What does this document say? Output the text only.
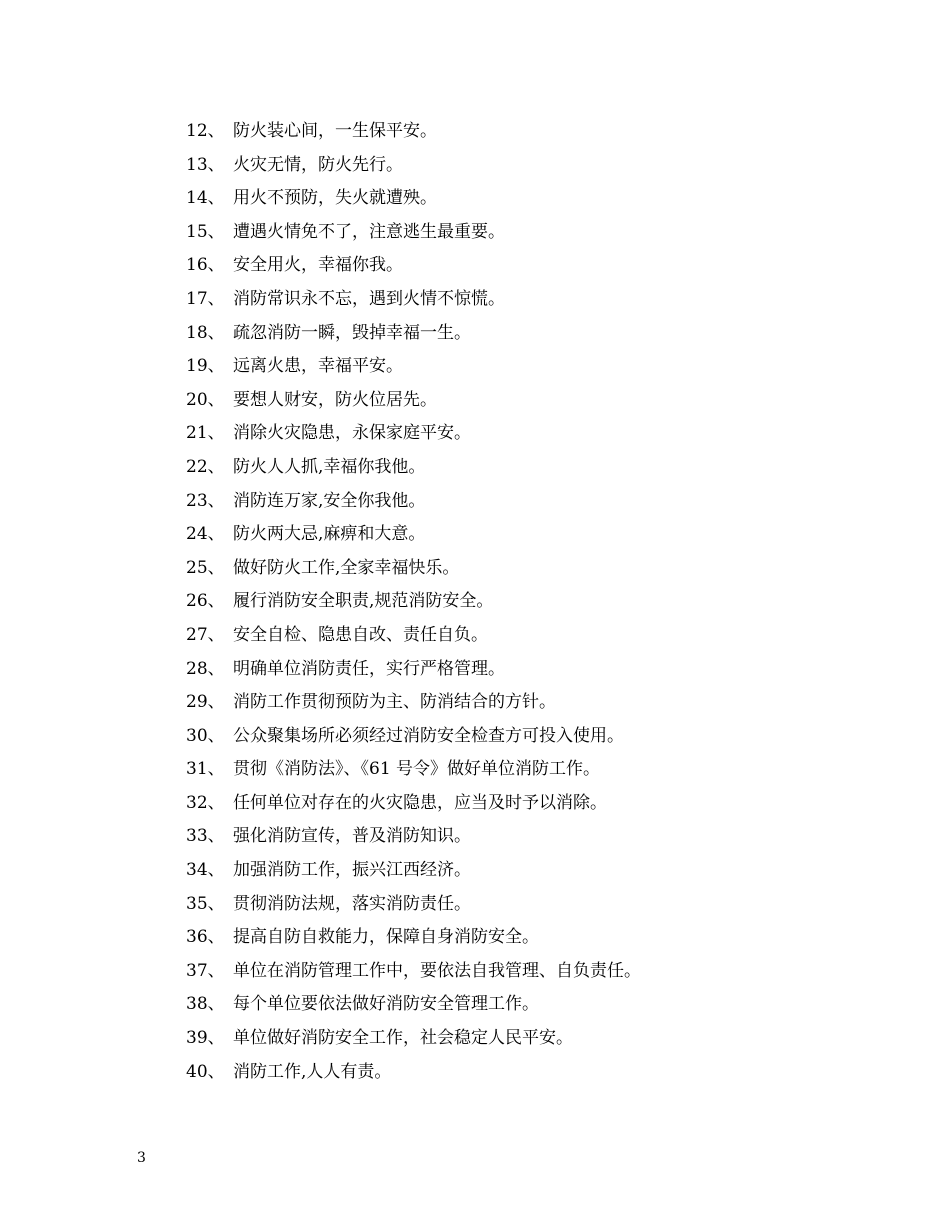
12、 防火装心间，一生保平安。
13、 火灾无情，防火先行。
14、 用火不预防，失火就遭殃。
15、 遭遇火情免不了，注意逃生最重要。
16、 安全用火，幸福你我。
17、 消防常识永不忘，遇到火情不惊慌。
18、 疏忽消防一瞬，毁掉幸福一生。
19、 远离火患，幸福平安。
20、 要想人财安，防火位居先。
21、 消除火灾隐患，永保家庭平安。
22、 防火人人抓,幸福你我他。
23、 消防连万家,安全你我他。
24、 防火两大忌,麻痹和大意。
25、 做好防火工作,全家幸福快乐。
26、 履行消防安全职责,规范消防安全。
27、 安全自检、隐患自改、责任自负。
28、 明确单位消防责任，实行严格管理。
29、 消防工作贯彻预防为主、防消结合的方针。
30、 公众聚集场所必须经过消防安全检查方可投入使用。
31、 贯彻《消防法》、《61 号令》做好单位消防工作。
32、 任何单位对存在的火灾隐患，应当及时予以消除。
33、 强化消防宣传，普及消防知识。
34、 加强消防工作，振兴江西经济。
35、 贯彻消防法规，落实消防责任。
36、 提高自防自救能力，保障自身消防安全。
37、 单位在消防管理工作中，要依法自我管理、自负责任。
38、 每个单位要依法做好消防安全管理工作。
39、 单位做好消防安全工作，社会稳定人民平安。
40、 消防工作,人人有责。
3
